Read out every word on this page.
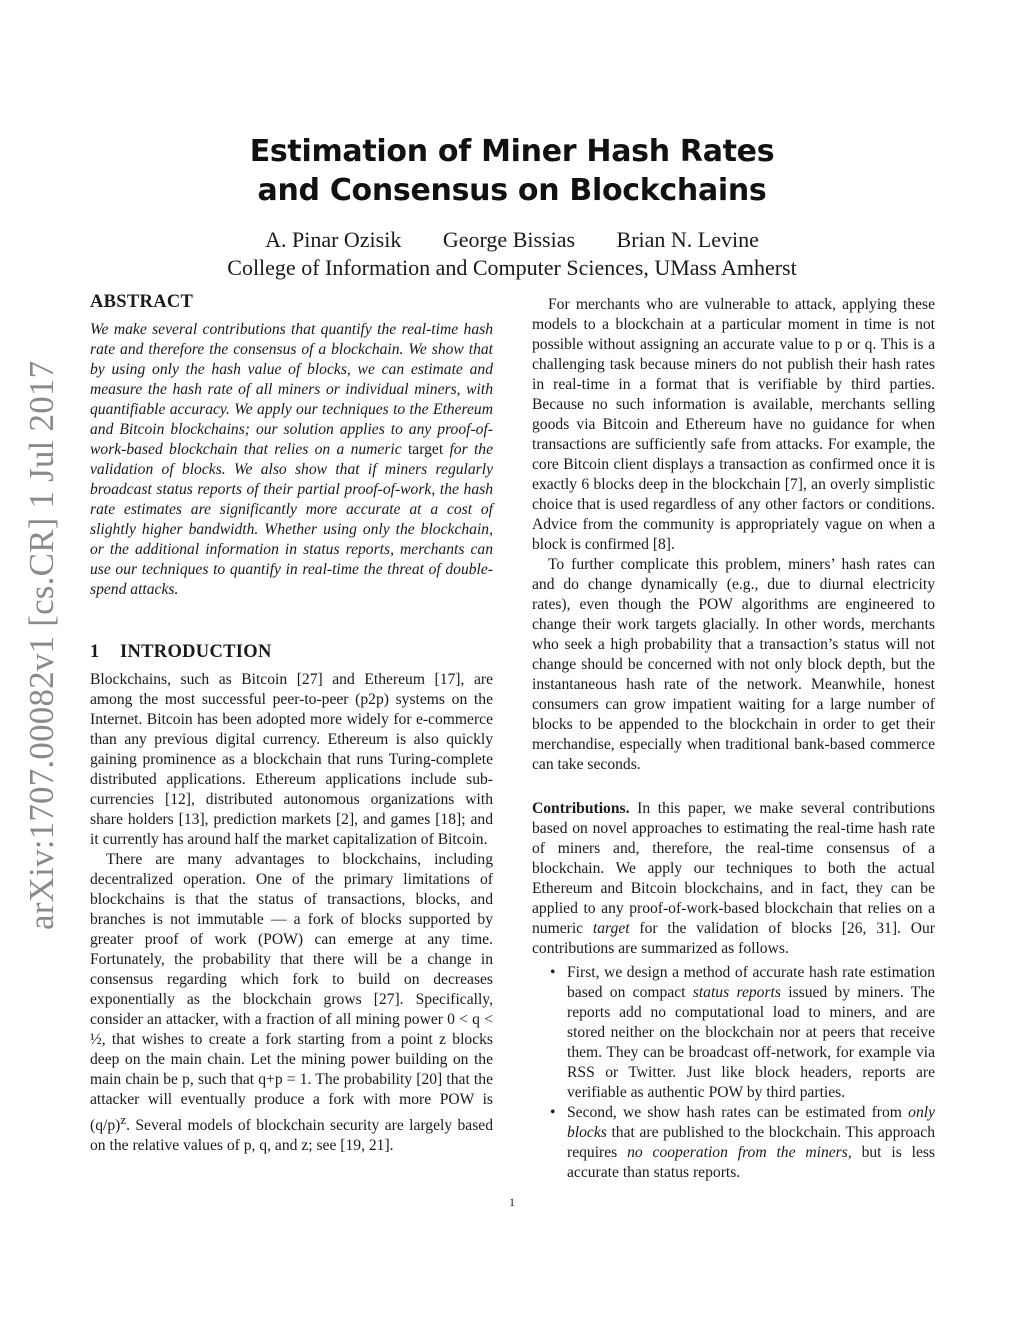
arXiv:1707.00082v1 [cs.CR] 1 Jul 2017
Estimation of Miner Hash Rates
and Consensus on Blockchains
A. Pinar Ozisik George Bissias Brian N. Levine
College of Information and Computer Sciences, UMass Amherst
ABSTRACT

We make several contributions that quantify the real-time hash rate and therefore the consensus of a blockchain. We show that by using only the hash value of blocks, we can estimate and measure the hash rate of all miners or individual miners, with quantifiable accuracy. We apply our techniques to the Ethereum and Bitcoin blockchains; our solution applies to any proof-of-work-based blockchain that relies on a numeric target for the validation of blocks. We also show that if miners regularly broadcast status reports of their partial proof-of-work, the hash rate estimates are significantly more accurate at a cost of slightly higher bandwidth. Whether using only the blockchain, or the additional information in status reports, merchants can use our techniques to quantify in real-time the threat of double-spend attacks.

1 INTRODUCTION

Blockchains, such as Bitcoin [27] and Ethereum [17], are among the most successful peer-to-peer (p2p) systems on the Internet. Bitcoin has been adopted more widely for e-commerce than any previous digital currency. Ethereum is also quickly gaining prominence as a blockchain that runs Turing-complete distributed applications. Ethereum applications include sub-currencies [12], distributed autonomous organizations with share holders [13], prediction markets [2], and games [18]; and it currently has around half the market capitalization of Bitcoin.

There are many advantages to blockchains, including decentralized operation. One of the primary limitations of blockchains is that the status of transactions, blocks, and branches is not immutable — a fork of blocks supported by greater proof of work (POW) can emerge at any time. Fortunately, the probability that there will be a change in consensus regarding which fork to build on decreases exponentially as the blockchain grows [27]. Specifically, consider an attacker, with a fraction of all mining power 0 < q < ½, that wishes to create a fork starting from a point z blocks deep on the main chain. Let the mining power building on the main chain be p, such that q+p = 1. The probability [20] that the attacker will eventually produce a fork with more POW is $(q/p)^z$. Several models of blockchain security are largely based on the relative values of p, q, and z; see [19, 21].

For merchants who are vulnerable to attack, applying these models to a blockchain at a particular moment in time is not possible without assigning an accurate value to p or q. This is a challenging task because miners do not publish their hash rates in real-time in a format that is verifiable by third parties. Because no such information is available, merchants selling goods via Bitcoin and Ethereum have no guidance for when transactions are sufficiently safe from attacks. For example, the core Bitcoin client displays a transaction as confirmed once it is exactly 6 blocks deep in the blockchain [7], an overly simplistic choice that is used regardless of any other factors or conditions. Advice from the community is appropriately vague on when a block is confirmed [8].

To further complicate this problem, miners’ hash rates can and do change dynamically (e.g., due to diurnal electricity rates), even though the POW algorithms are engineered to change their work targets glacially. In other words, merchants who seek a high probability that a transaction’s status will not change should be concerned with not only block depth, but the instantaneous hash rate of the network. Meanwhile, honest consumers can grow impatient waiting for a large number of blocks to be appended to the blockchain in order to get their merchandise, especially when traditional bank-based commerce can take seconds.

Contributions. In this paper, we make several contributions based on novel approaches to estimating the real-time hash rate of miners and, therefore, the real-time consensus of a blockchain. We apply our techniques to both the actual Ethereum and Bitcoin blockchains, and in fact, they can be applied to any proof-of-work-based blockchain that relies on a numeric target for the validation of blocks [26, 31]. Our contributions are summarized as follows.

• First, we design a method of accurate hash rate estimation based on compact status reports issued by miners. The reports add no computational load to miners, and are stored neither on the blockchain nor at peers that receive them. They can be broadcast off-network, for example via RSS or Twitter. Just like block headers, reports are verifiable as authentic POW by third parties.
• Second, we show hash rates can be estimated from only blocks that are published to the blockchain. This approach requires no cooperation from the miners, but is less accurate than status reports.
1
